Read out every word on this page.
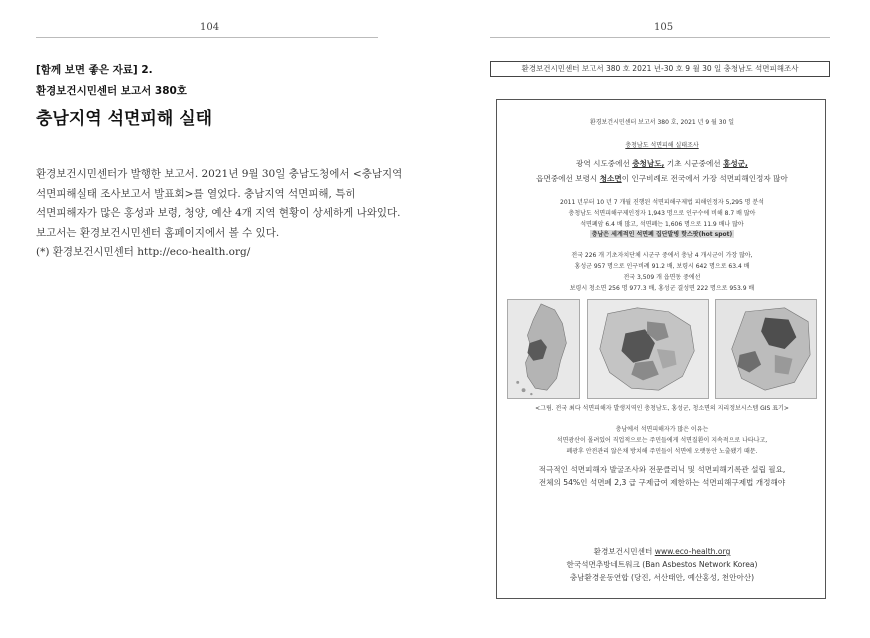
104
[함께 보면 좋은 자료] 2.
환경보건시민센터 보고서 380호
충남지역 석면피해 실태

환경보건시민센터가 발행한 보고서. 2021년 9월 30일 충남도청에서 <충남지역

석면피해실태 조사보고서 발표회>를 열었다. 충남지역 석면피해, 특히

석면피해자가 많은 홍성과 보령, 청양, 예산 4개 지역 현황이 상세하게 나와있다.

보고서는 환경보건시민센터 홈페이지에서 볼 수 있다.

(*) 환경보건시민센터 http://eco-health.org/

105
환경보건시민센터 보고서 380 호 2021 년-30 호 9 월 30 일 충청남도 석면피해조사
환경보건시민센터 보고서 380 호, 2021 년 9 월 30 일
충청남도 석면피해 실태조사
광역 시도중에선 충청남도, 기초 시군중에선 홍성군,
읍면중에선 보령시 청소면이 인구비례로 전국에서 가장 석면피해인정자 많아
2011 년부터 10 년 7 개월 진행된 석면피해구제법 피해인정자 5,295 명 분석
충청남도 석면피해구제인정자 1,943 명으로 인구수에 비해 8.7 배 많아
석면폐암 6.4 배 많고, 석면폐는 1,606 명으로 11.9 배나 많아
충남은 세계적인 석면폐 집단발병 핫스팟(hot spot)
전국 226 개 기초자치단체 시군구 중에서 충남 4 개시군이 가장 많아,
홍성군 957 명으로 인구비례 91.2 배, 보령시 642 명으로 63.4 배
전국 3,509 개 읍면동 중에선
보령시 청소면 256 명 977.3 배, 홍성군 결성면 222 명으로 953.9 배
<그림. 전국 최다 석면피해자 발생지역인 충청남도, 홍성군, 청소면의 지리정보시스템 GIS 표기>
충남에서 석면피해자가 많은 이유는
석면광산이 몰려있어 직업적으로는 주민들에게 석면질환이 지속적으로 나타나고,
폐광후 안전관리 않은채 방치해 주민들이 석면에 오랫동안 노출됐기 때문.
적극적인 석면피해자 발굴조사와 전문클리닉 및 석면피해기록관 설립 필요,
전체의 54%인 석면폐 2,3 급 구제급여 제한하는 석면피해구제법 개정해야
환경보건시민센터 www.eco-health.org
한국석면추방네트워크 (Ban Asbestos Network Korea)
충남환경운동연합 (당진, 서산태안, 예산홍성, 천안아산)
